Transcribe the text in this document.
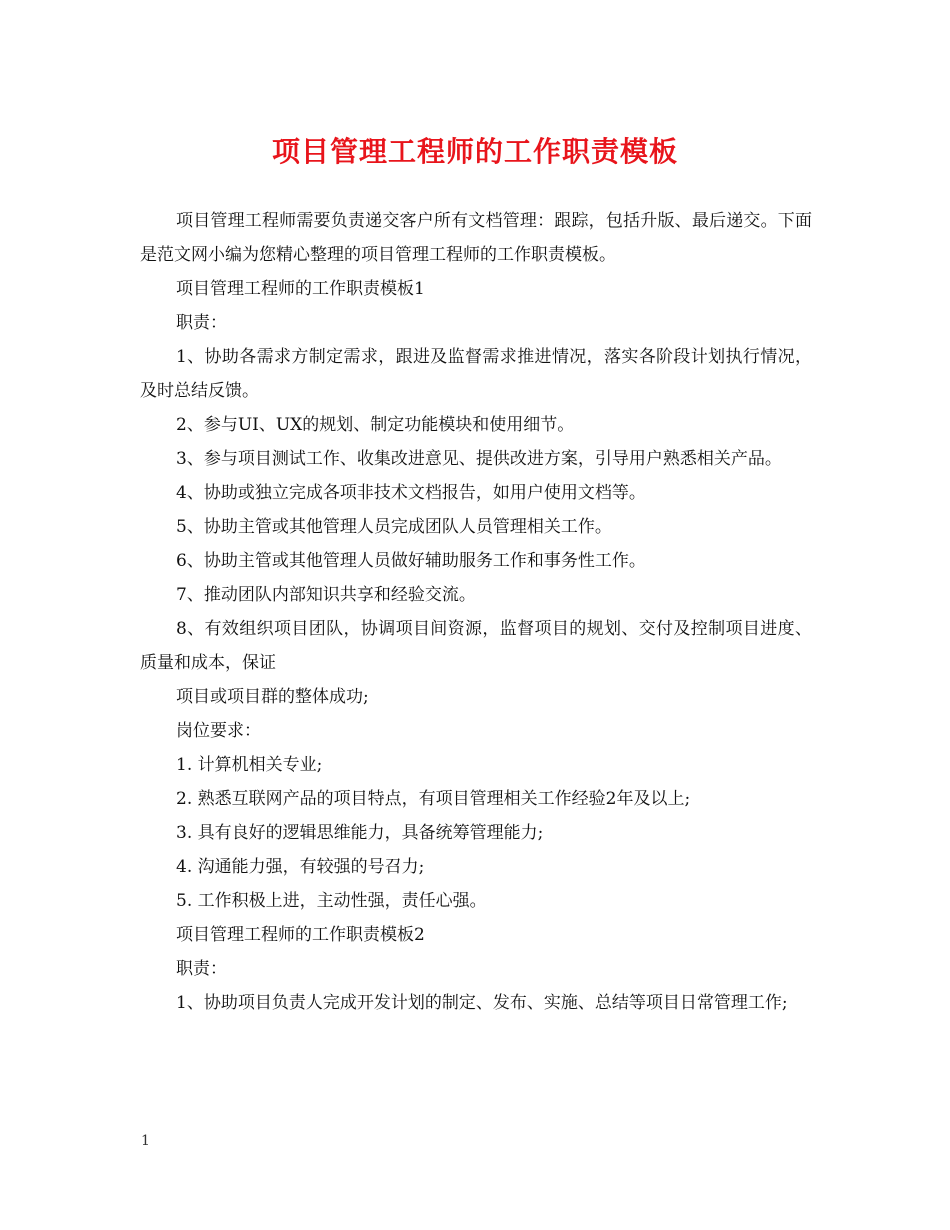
项目管理工程师的工作职责模板

项目管理工程师需要负责递交客户所有文档管理：跟踪，包括升版、最后递交。下面是范文网小编为您精心整理的项目管理工程师的工作职责模板。

项目管理工程师的工作职责模板1

职责：

1、协助各需求方制定需求，跟进及监督需求推进情况，落实各阶段计划执行情况，及时总结反馈。

2、参与UI、UX的规划、制定功能模块和使用细节。

3、参与项目测试工作、收集改进意见、提供改进方案，引导用户熟悉相关产品。

4、协助或独立完成各项非技术文档报告，如用户使用文档等。

5、协助主管或其他管理人员完成团队人员管理相关工作。

6、协助主管或其他管理人员做好辅助服务工作和事务性工作。

7、推动团队内部知识共享和经验交流。

8、有效组织项目团队，协调项目间资源，监督项目的规划、交付及控制项目进度、质量和成本，保证

项目或项目群的整体成功;

岗位要求：

1. 计算机相关专业;

2. 熟悉互联网产品的项目特点，有项目管理相关工作经验2年及以上;

3. 具有良好的逻辑思维能力，具备统筹管理能力;

4. 沟通能力强，有较强的号召力;

5. 工作积极上进，主动性强，责任心强。

项目管理工程师的工作职责模板2

职责：

1、协助项目负责人完成开发计划的制定、发布、实施、总结等项目日常管理工作;

1
